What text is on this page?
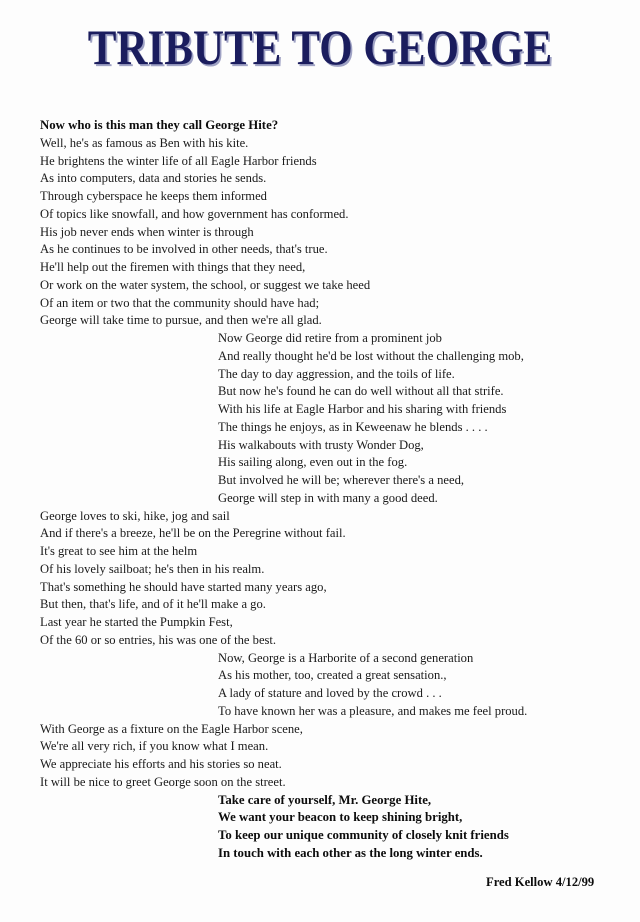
TRIBUTE TO GEORGE
Now who is this man they call George Hite?
Well, he's as famous as Ben with his kite.
He brightens the winter life of all Eagle Harbor friends
As into computers, data and stories he sends.
Through cyberspace he keeps them informed
Of topics like snowfall, and how government has conformed.
His job never ends when winter is through
As he continues to be involved in other needs, that's true.
He'll help out the firemen with things that they need,
Or work on the water system, the school, or suggest we take heed
Of an item or two that the community should have had;
George will take time to pursue, and then we're all glad.
Now George did retire from a prominent job
And really thought he'd be lost without the challenging mob,
The day to day aggression, and the toils of life.
But now he's found he can do well without all that strife.
With his life at Eagle Harbor and his sharing with friends
The things he enjoys, as in Keweenaw he blends . . . .
His walkabouts with trusty Wonder Dog,
His sailing along, even out in the fog.
But involved he will be; wherever there's a need,
George will step in with many a good deed.
George loves to ski, hike, jog and sail
And if there's a breeze, he'll be on the Peregrine without fail.
It's great to see him at the helm
Of his lovely sailboat; he's then in his realm.
That's something he should have started many years ago,
But then, that's life, and of it he'll make a go.
Last year he started the Pumpkin Fest,
Of the 60 or so entries, his was one of the best.
Now, George is a Harborite of a second generation
As his mother, too, created a great sensation.,
A lady of stature and loved by the crowd . . .
To have known her was a pleasure, and makes me feel proud.
With George as a fixture on the Eagle Harbor scene,
We're all very rich, if you know what I mean.
We appreciate his efforts and his stories so neat.
It will be nice to greet George soon on the street.
Take care of yourself, Mr. George Hite,
We want your beacon to keep shining bright,
To keep our unique community of closely knit friends
In touch with each other as the long winter ends.
Fred Kellow 4/12/99
